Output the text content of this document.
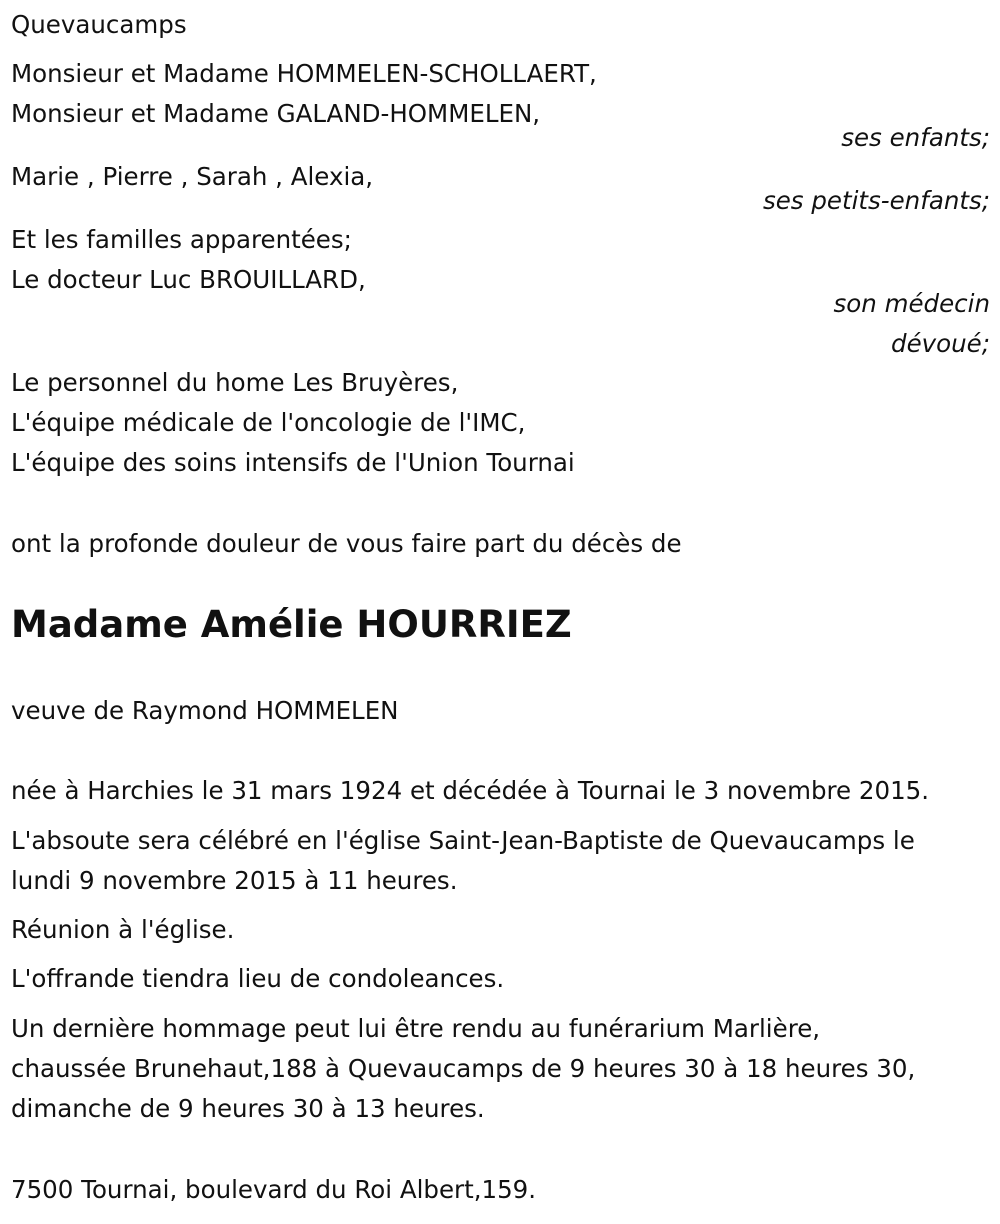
Quevaucamps
Monsieur et Madame HOMMELEN-SCHOLLAERT,
Monsieur et Madame GALAND-HOMMELEN,
ses enfants;
Marie , Pierre , Sarah , Alexia,
ses petits-enfants;
Et les familles apparentées;
Le docteur Luc BROUILLARD,
son médecin
dévoué;
Le personnel du home Les Bruyères,
L'équipe médicale de l'oncologie de l'IMC,
L'équipe des soins intensifs de l'Union Tournai
ont la profonde douleur de vous faire part du décès de
Madame Amélie HOURRIEZ
veuve de Raymond HOMMELEN
née à Harchies le 31 mars 1924 et décédée à Tournai le 3 novembre 2015.
L'absoute sera célébré en l'église Saint-Jean-Baptiste de Quevaucamps le
lundi 9 novembre 2015 à 11 heures.
Réunion à l'église.
L'offrande tiendra lieu de condoleances.
Un dernière hommage peut lui être rendu au funérarium Marlière,
chaussée Brunehaut,188 à Quevaucamps de 9 heures 30 à 18 heures 30,
dimanche de 9 heures 30 à 13 heures.
7500 Tournai, boulevard du Roi Albert,159.
